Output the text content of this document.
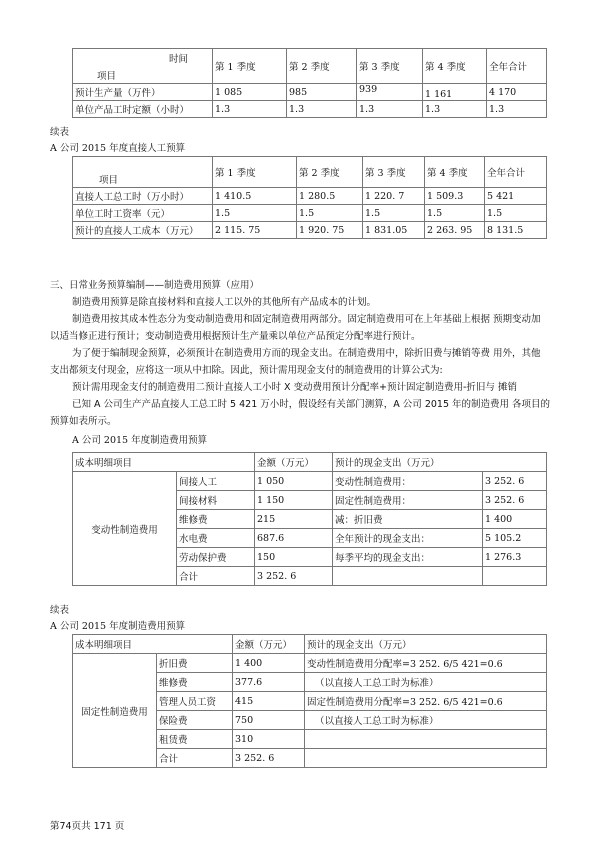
时间
项目	第 1 季度	第 2 季度	第 3 季度	第 4 季度	全年合计
预计生产量（万件）	1 085	985	939	1 161	4 170
单位产品工时定额（小时）	1.3	1.3	1.3	1.3	1.3

续表

A 公司 2015 年度直接人工预算

项目	第 1 季度	第 2 季度	第 3 季度	第 4 季度	全年合计
直接人工总工时（万小时）	1 410.5	1 280.5	1 220. 7	1 509.3	5 421
单位工时工资率（元）	1.5	1.5	1.5	1.5	1.5
预计的直接人工成本（万元）	2 115. 75	1 920. 75	1 831.05	2 263. 95	8 131.5

三、日常业务预算编制——制造费用预算（应用）

制造费用预算是除直接材料和直接人工以外的其他所有产品成本的计划。

制造费用按其成本性态分为变动制造费用和固定制造费用两部分。固定制造费用可在上年基础上根据 预期变动加

以适当修正进行预计；变动制造费用根据预计生产量乘以单位产品预定分配率进行预计。

为了便于编制现金预算，必须预计在制造费用方而的现金支出。在制造费用中，除折旧费与摊销等费 用外，其他

支出都须支付现金，应将这一项从中扣除。因此，预计需用现金支付的制造费用的计算公式为:

预计需用现金支付的制造费用二预计直接人工小时 X 变动费用预计分配率+预计固定制造费用-折旧与 摊销

已知 A 公司生产产品直接人工总工时 5 421 万小时，假设经有关部门测算，A 公司 2015 年的制造费用 各项目的

预算如表所示。

A 公司 2015 年度制造费用预算

成本明细项目		金额（万元）	预计的现金支出（万元）	
变动性制造费用	间接人工	1 050	变动性制造费用：	3 252. 6
	间接材料	1 150	固定性制造费用：	3 252. 6
	维修费	215	减：折旧费	1 400
	水电费	687.6	全年预计的现金支出：	5 105.2
	劳动保护费	150	每季平均的现金支出：	1 276.3
	合计	3 252. 6		

续表

A 公司 2015 年度制造费用预算

成本明细项目		金额（万元）	预计的现金支出（万元）
固定性制造费用	折旧费	1 400	变动性制造费用分配率=3 252. 6/5 421=0.6
	维修费	377.6	（以直接人工总工时为标准）
	管理人员工资	415	固定性制造费用分配率=3 252. 6/5 421=0.6
	保险费	750	（以直接人工总工时为标准）
	租赁费	310	
	合计	3 252. 6	

第74页共 171 页
